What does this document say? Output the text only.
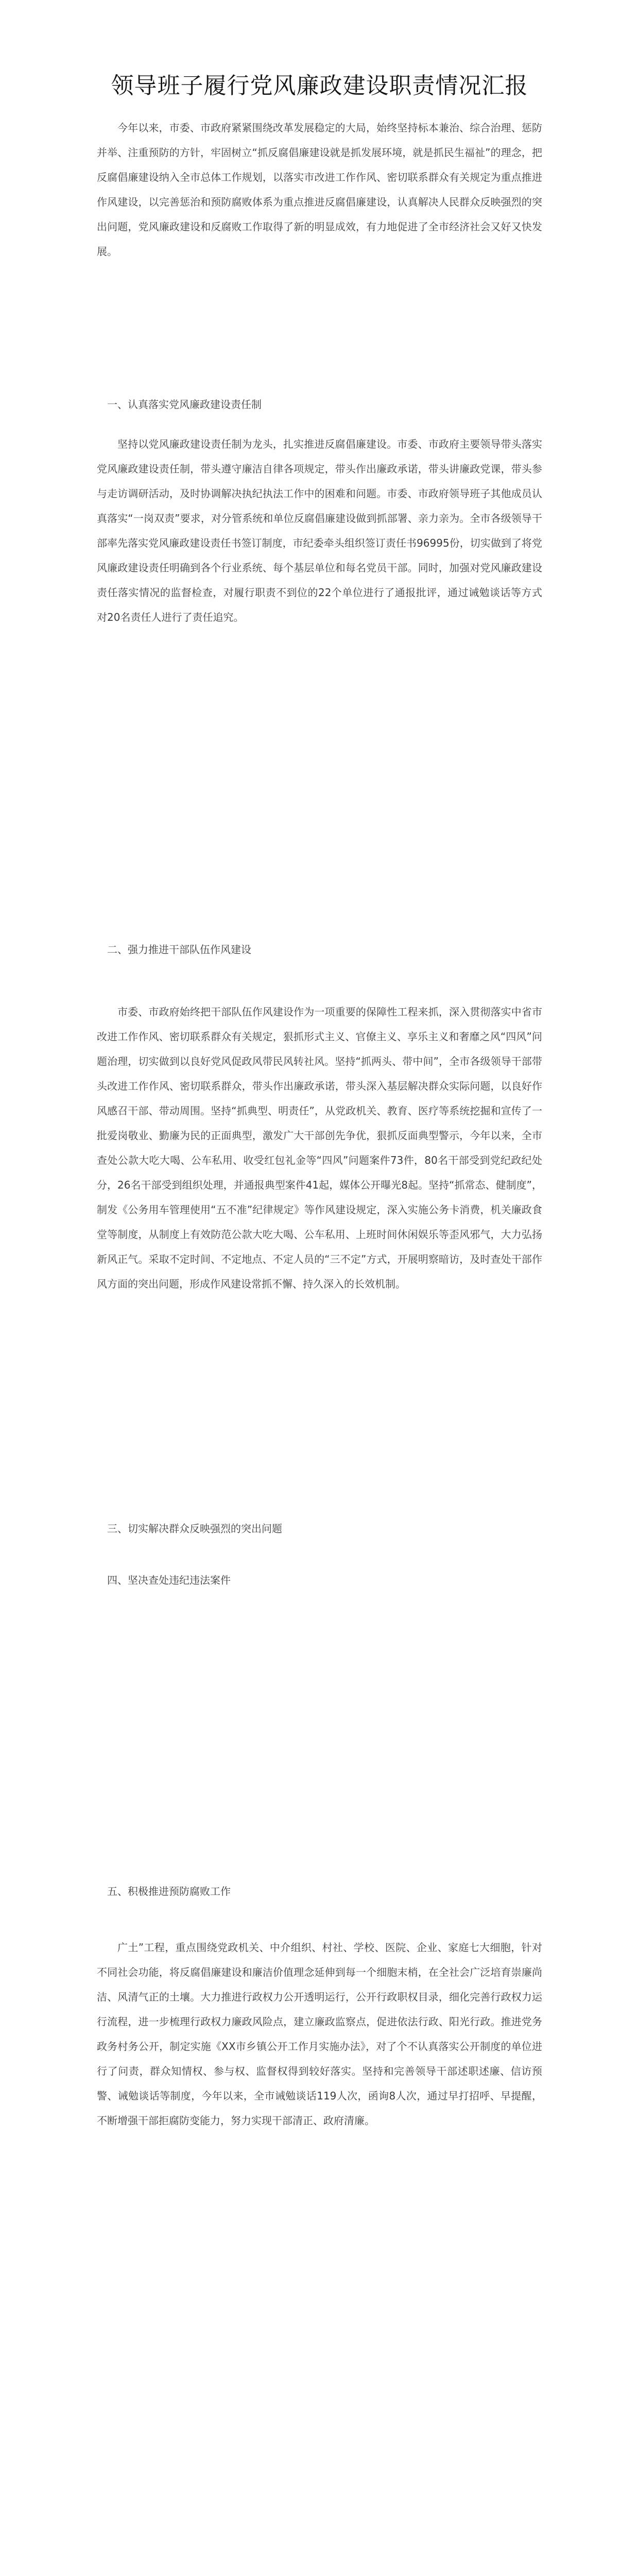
领导班子履行党风廉政建设职责情况汇报

今年以来，市委、市政府紧紧围绕改革发展稳定的大局，始终坚持标本兼治、综合治理、惩防并举、注重预防的方针，牢固树立“抓反腐倡廉建设就是抓发展环境，就是抓民生福祉”的理念，把反腐倡廉建设纳入全市总体工作规划，以落实市改进工作作风、密切联系群众有关规定为重点推进作风建设，以完善惩治和预防腐败体系为重点推进反腐倡廉建设，认真解决人民群众反映强烈的突出问题，党风廉政建设和反腐败工作取得了新的明显成效，有力地促进了全市经济社会又好又快发展。

一、认真落实党风廉政建设责任制

坚持以党风廉政建设责任制为龙头，扎实推进反腐倡廉建设。市委、市政府主要领导带头落实党风廉政建设责任制，带头遵守廉洁自律各项规定，带头作出廉政承诺，带头讲廉政党课，带头参与走访调研活动，及时协调解决执纪执法工作中的困难和问题。市委、市政府领导班子其他成员认真落实“一岗双责”要求，对分管系统和单位反腐倡廉建设做到抓部署、亲力亲为。全市各级领导干部率先落实党风廉政建设责任书签订制度，市纪委牵头组织签订责任书96995份，切实做到了将党风廉政建设责任明确到各个行业系统、每个基层单位和每名党员干部。同时，加强对党风廉政建设责任落实情况的监督检查，对履行职责不到位的22个单位进行了通报批评，通过诫勉谈话等方式对20名责任人进行了责任追究。

二、强力推进干部队伍作风建设

市委、市政府始终把干部队伍作风建设作为一项重要的保障性工程来抓，深入贯彻落实中省市改进工作作风、密切联系群众有关规定，狠抓形式主义、官僚主义、享乐主义和奢靡之风“四风”问题治理，切实做到以良好党风促政风带民风转社风。坚持“抓两头、带中间”，全市各级领导干部带头改进工作作风、密切联系群众，带头作出廉政承诺，带头深入基层解决群众实际问题，以良好作风感召干部、带动周围。坚持“抓典型、明责任”，从党政机关、教育、医疗等系统挖掘和宣传了一批爱岗敬业、勤廉为民的正面典型，激发广大干部创先争优，狠抓反面典型警示，今年以来，全市查处公款大吃大喝、公车私用、收受红包礼金等“四风”问题案件73件，80名干部受到党纪政纪处分，26名干部受到组织处理，并通报典型案件41起，媒体公开曝光8起。坚持“抓常态、健制度”，制发《公务用车管理使用“五不准”纪律规定》等作风建设规定，深入实施公务卡消费，机关廉政食堂等制度，从制度上有效防范公款大吃大喝、公车私用、上班时间休闲娱乐等歪风邪气，大力弘扬新风正气。采取不定时间、不定地点、不定人员的“三不定”方式，开展明察暗访，及时查处干部作风方面的突出问题，形成作风建设常抓不懈、持久深入的长效机制。

三、切实解决群众反映强烈的突出问题

四、坚决查处违纪违法案件

五、积极推进预防腐败工作

广土”工程，重点围绕党政机关、中介组织、村社、学校、医院、企业、家庭七大细胞，针对不同社会功能，将反腐倡廉建设和廉洁价值理念延伸到每一个细胞末梢，在全社会广泛培育崇廉尚洁、风清气正的土壤。大力推进行政权力公开透明运行，公开行政职权目录，细化完善行政权力运行流程，进一步梳理行政权力廉政风险点，建立廉政监察点，促进依法行政、阳光行政。推进党务政务村务公开，制定实施《XX市乡镇公开工作月实施办法》，对了个不认真落实公开制度的单位进行了问责，群众知情权、参与权、监督权得到较好落实。坚持和完善领导干部述职述廉、信访预警、诫勉谈话等制度，今年以来，全市诫勉谈话119人次，函询8人次，通过早打招呼、早提醒，不断增强干部拒腐防变能力，努力实现干部清正、政府清廉。
